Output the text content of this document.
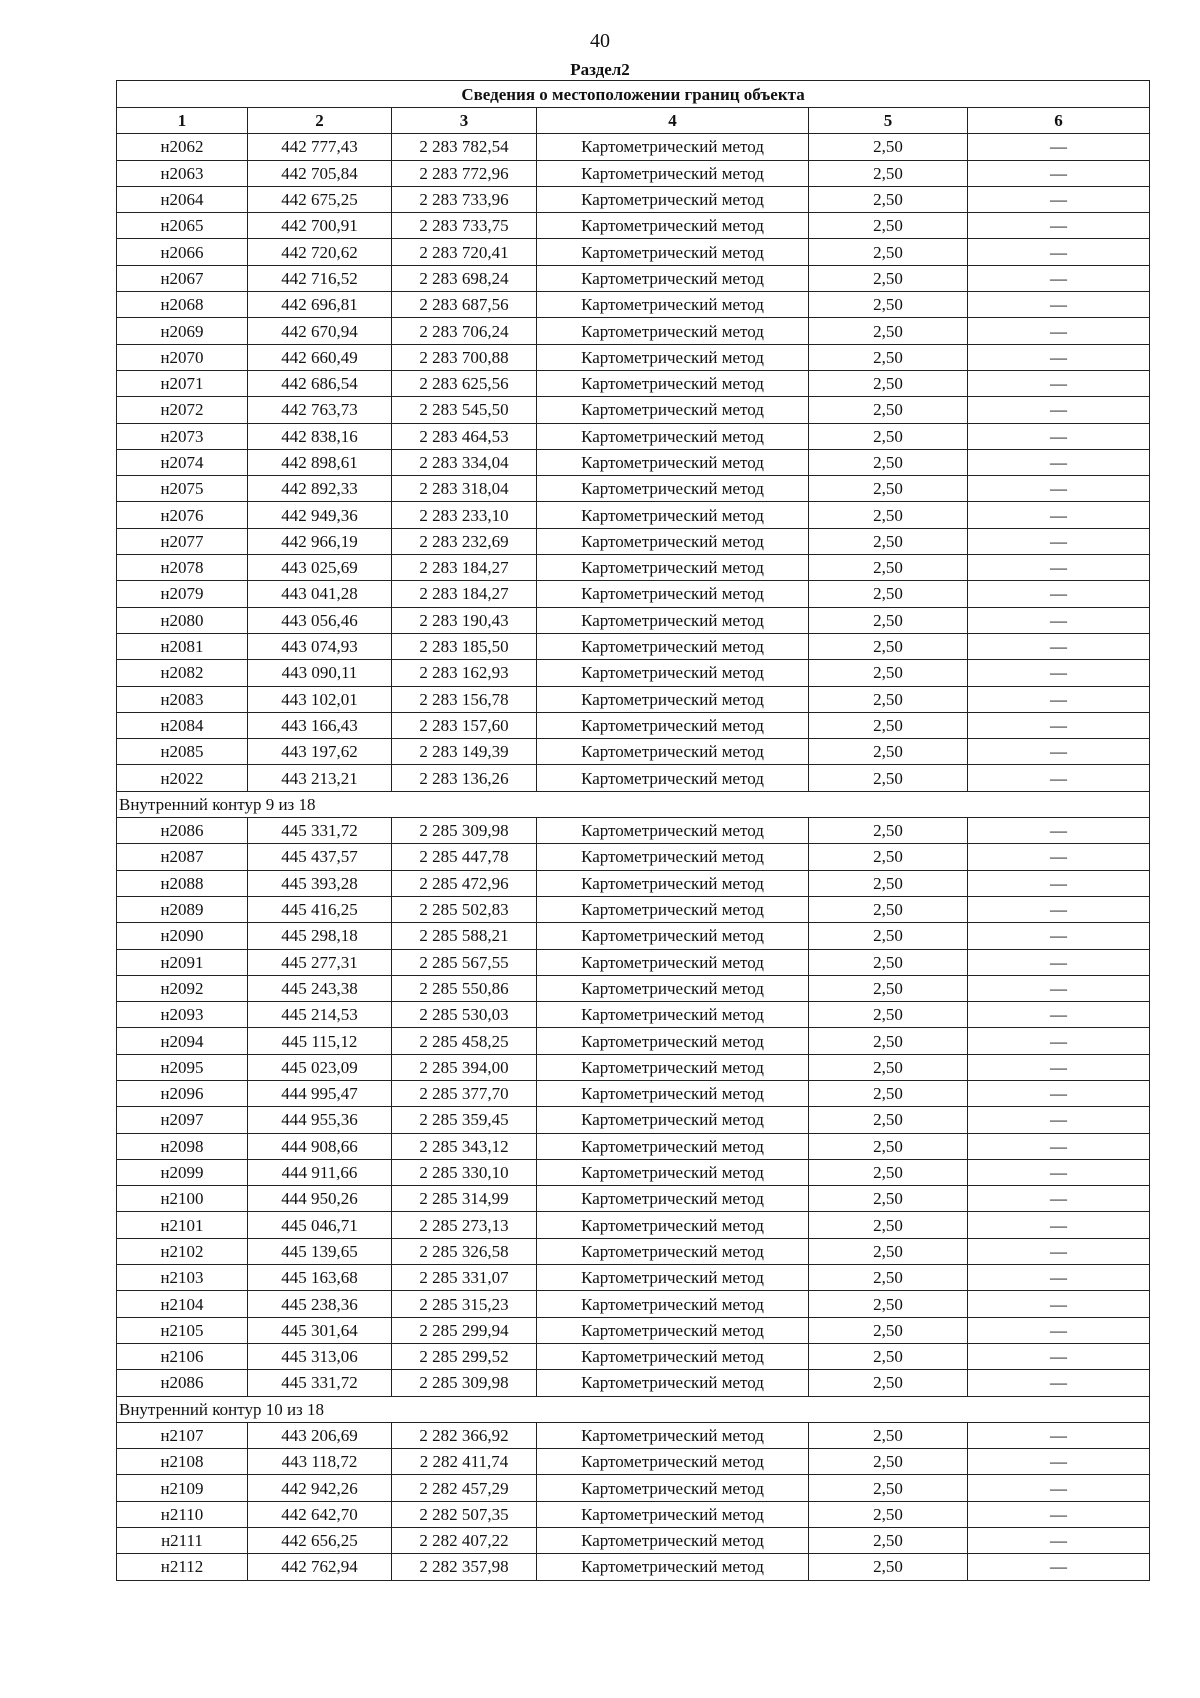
40
Раздел2
Сведения о местоположении границ объекта					
1	2	3	4	5	6
н2062	442 777,43	2 283 782,54	Картометрический метод	2,50	—
н2063	442 705,84	2 283 772,96	Картометрический метод	2,50	—
н2064	442 675,25	2 283 733,96	Картометрический метод	2,50	—
н2065	442 700,91	2 283 733,75	Картометрический метод	2,50	—
н2066	442 720,62	2 283 720,41	Картометрический метод	2,50	—
н2067	442 716,52	2 283 698,24	Картометрический метод	2,50	—
н2068	442 696,81	2 283 687,56	Картометрический метод	2,50	—
н2069	442 670,94	2 283 706,24	Картометрический метод	2,50	—
н2070	442 660,49	2 283 700,88	Картометрический метод	2,50	—
н2071	442 686,54	2 283 625,56	Картометрический метод	2,50	—
н2072	442 763,73	2 283 545,50	Картометрический метод	2,50	—
н2073	442 838,16	2 283 464,53	Картометрический метод	2,50	—
н2074	442 898,61	2 283 334,04	Картометрический метод	2,50	—
н2075	442 892,33	2 283 318,04	Картометрический метод	2,50	—
н2076	442 949,36	2 283 233,10	Картометрический метод	2,50	—
н2077	442 966,19	2 283 232,69	Картометрический метод	2,50	—
н2078	443 025,69	2 283 184,27	Картометрический метод	2,50	—
н2079	443 041,28	2 283 184,27	Картометрический метод	2,50	—
н2080	443 056,46	2 283 190,43	Картометрический метод	2,50	—
н2081	443 074,93	2 283 185,50	Картометрический метод	2,50	—
н2082	443 090,11	2 283 162,93	Картометрический метод	2,50	—
н2083	443 102,01	2 283 156,78	Картометрический метод	2,50	—
н2084	443 166,43	2 283 157,60	Картометрический метод	2,50	—
н2085	443 197,62	2 283 149,39	Картометрический метод	2,50	—
н2022	443 213,21	2 283 136,26	Картометрический метод	2,50	—
Внутренний контур 9 из 18					
н2086	445 331,72	2 285 309,98	Картометрический метод	2,50	—
н2087	445 437,57	2 285 447,78	Картометрический метод	2,50	—
н2088	445 393,28	2 285 472,96	Картометрический метод	2,50	—
н2089	445 416,25	2 285 502,83	Картометрический метод	2,50	—
н2090	445 298,18	2 285 588,21	Картометрический метод	2,50	—
н2091	445 277,31	2 285 567,55	Картометрический метод	2,50	—
н2092	445 243,38	2 285 550,86	Картометрический метод	2,50	—
н2093	445 214,53	2 285 530,03	Картометрический метод	2,50	—
н2094	445 115,12	2 285 458,25	Картометрический метод	2,50	—
н2095	445 023,09	2 285 394,00	Картометрический метод	2,50	—
н2096	444 995,47	2 285 377,70	Картометрический метод	2,50	—
н2097	444 955,36	2 285 359,45	Картометрический метод	2,50	—
н2098	444 908,66	2 285 343,12	Картометрический метод	2,50	—
н2099	444 911,66	2 285 330,10	Картометрический метод	2,50	—
н2100	444 950,26	2 285 314,99	Картометрический метод	2,50	—
н2101	445 046,71	2 285 273,13	Картометрический метод	2,50	—
н2102	445 139,65	2 285 326,58	Картометрический метод	2,50	—
н2103	445 163,68	2 285 331,07	Картометрический метод	2,50	—
н2104	445 238,36	2 285 315,23	Картометрический метод	2,50	—
н2105	445 301,64	2 285 299,94	Картометрический метод	2,50	—
н2106	445 313,06	2 285 299,52	Картометрический метод	2,50	—
н2086	445 331,72	2 285 309,98	Картометрический метод	2,50	—
Внутренний контур 10 из 18					
н2107	443 206,69	2 282 366,92	Картометрический метод	2,50	—
н2108	443 118,72	2 282 411,74	Картометрический метод	2,50	—
н2109	442 942,26	2 282 457,29	Картометрический метод	2,50	—
н2110	442 642,70	2 282 507,35	Картометрический метод	2,50	—
н2111	442 656,25	2 282 407,22	Картометрический метод	2,50	—
н2112	442 762,94	2 282 357,98	Картометрический метод	2,50	—
